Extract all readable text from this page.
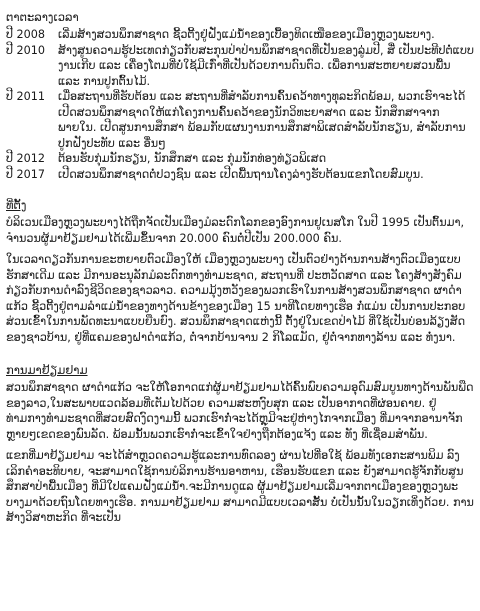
ຕາຕະລາງເວລາ
ປີ 2008	ເລີ່ມສ້າງສວນພຶກສາຊາດ ຊີ້ວຕີ້ງຢູ່ຝັ່ງແມ່ນ້ຳຂອງເບື້ອງທິດເໜືອຂອງເມືອງຫຼວງພະບາງ.
ປີ 2010	ສ້າງສູນຄວາມຮູ້ປະເທດກ່ຽວກັບສະກຸນປ່າປ່ານພຶກສາຊາດທີ່ເປັນຂອງລູ່ມປີ, ສື່ ເປັນປະທີປຕໍ່ແບບງານເກີບ ແລະ ເຄື່ອງໂຕມທີ່ບໍ່ໃຊ້ມີເກົ່າທີ່ເປັນດ້ວຍການດົນຕົວ. ເພື່ອການສະຫຍາຍສວນພື້ນ ແລະ ການປູກຕົ້ນໄມ້.
ປີ 2011	ເມື່ອສະຖານທີ່ຮັບຕ້ອນ ແລະ ສະຖານທີ່ສຳລັບການຄົ້ນຄວ້າທາງທຸລະກິດພ້ອມ, ພວກເຮົາຈະໄດ້ເປີດສວນພຶກສາຊາດໃຫ້ແກ່ໂຄງການຄົ້ນຄວ້າຂອງນັກວິທະຍາສາດ ແລະ ນັກສຶກສາຈາກພາຍໃນ. ເປີດສູນການສຶກສາ ພ້ອມກັບແຜນງານການສຶກສາພິເສດສຳລັບນັກຮຽນ, ສຳລັບການປູກຝັງປະທັບ ແລະ ອື່ນໆ
ປີ 2012	ຕ້ອນຮັບກຸ່ມນັກຮຽນ, ນັກສຶກສາ ແລະ ກຸ່ມນັກທ່ອງທ່ຽວພິເສດ
ປີ 2017	ເປີດສວນພຶກສາຊາດຕໍ່ປວງຊົນ ແລະ ເປີດພື້ນຖານໂຄງລ່າງຮັບຕ້ອນແຂກໂດຍສົມບູນ.
ທີ່ຕັ້ງ

ບໍລິເວນເມືອງຫຼວງພະບາງໄດ້ຖືກຈັດເປັນເມືອງມໍລະດົກໂລກຂອງອົງການຢູເນສໂກ ໃນປີ 1995 ເປັນຕົ້ນມາ, ຈຳນວນຜູ້ມາຢ້ຽມຢາມໄດ້ເພີ່ມຂຶ້ນຈາກ 20.000 ຄົນຕໍ່ປີເປັນ 200.000 ຄົນ.

ໃນເວລາດຽວກັນການຂະຫຍາຍຕົວເມືອງໃຫ້ ເມືອງຫຼວງພະບາງ ເປັນຕົວຢ່າງດ້ານການສ້າງຕົວເມືອງແບບຮັກສາເດີມ ແລະ ມີການອະນຸລັກມໍລະດົກທາງທຳມະຊາດ, ສະຖານທີ່ ປະຫວັດສາດ ແລະ ໂຄງສ້າງສັງຄົມກ່ຽວກັບການດຳລົງຊີວິດຂອງຊາວລາວ. ຄວາມມຸ້ງຫວັງຂອງພວກເຮົາໃນການສ້າງສວນພຶກສາຊາດ ຜາດຳແກ້ວ ຊີ້ວຕີ້ງຢູ່ຕາມລຳແມ່ນ້ຳຂອງທາງດ້ານຂ້າງຂອງເມືອງ 15 ນາທີໂດຍທາງເຮືອ ກໍ່ແມ່ນ ເປັນການປະກອບສ່ວນເຂົ້າໃນການພັດທະນາແບບຍືນຍົງ. ສວນພຶກສາຊາດແຫ່ງນີ້ ຕັ້ງຢູ່ໃນເຂດປ່າໄມ້ ທີ່ໃຊ້ເປັນບ່ອນລ້ຽງສັດຂອງຊາວບ້ານ, ຢູ່ທີ່ແຄມຂອງຝາດຳແກ້ວ, ຕໍ່ຈາກບ້ານຈານ 2 ກິໂລແມັດ, ຢູ່ຕໍ່ຈາກທາງລ້ານ ແລະ ທໍ່ງນາ.

ການມາຢ້ຽມຢາມ

ສວນພຶກສາຊາດ ຜາດຳແກ້ວ ຈະໃຫ້ໂອກາດແກ່ຜູ້ມາຢ້ຽມຢາມໄດ້ຄົ້ນພົບຄວາມອຸດົມສົມບູນທາງດ້ານພັນພືດຂອງລາວ,ໃນສະພາບແວດລ້ອມທີ່ເຕັມໄປດ້ວຍ ຄວາມສະຫງົບສຸກ ແລະ ເປັນອາກາດທີ່ຜ່ອນຄາຍ. ຢູ່ທ່າມກາງທຳມະຊາດທີ່ສວຍສົດງົດງາມນີ້ ພວກເຮົາກໍ່ຈະໄດ້ຫຼຸມີຈະຢູ່ຫ່າງໄກຈາກເມືອງ ທີ່ມາຈາກອານາຈັກຫຼາຍໆເຂດຂອງພົນລັດ. ພ້ອມນັ້ນພວກເຮົາກໍ່ຈະເຂົ້າໃຈຢ່າງຖືກຕ້ອງແຈ້ງ ແລະ ທັງ ທີ່ເຊື່ອມສຳພັນ.

ແຂກທີ່ມາຢ້ຽມຢາມ ຈະໄດ້ສຳຫຼວດຄວາມຮູ້ແລະການທົດລອງ ຜ່ານໄປທີ່ອໃຊ້ ພ້ອມທັງເອກະສານພິມ ລົງເລິກຄຳອະທິບາຍ, ຈະສາມາດໃຊ້ການບໍລິການຮ້ານອາຫານ, ເຮືອນຮັບແຂກ ແລະ ຍັງສາມາດຮູ້ຈັກກັບສູນສຶກສາປ່າພື້ນເມືອງ ທີ່ມີໃປແຄມຝັ່ງແມ່ນ້ຳ.ຈະມີການດູແລ ຜູ້ມາຢ້ຽມຢາມເລີ່ມຈາກຕາເມືອງຂອງຫຼວງພະບາງມາດ້ວຍຖົນໂດຍທາງເຮືອ. ການມາຢ້ຽມຢາມ ສາມາດມີແບບເວລາສັ້ນ ບໍ່ເປັນນັ້ນໃນວຽກເທິ່ງດ້ວຍ. ການສ້າງວິສາຫະກິດ ທີ່ຈະເປັນ
